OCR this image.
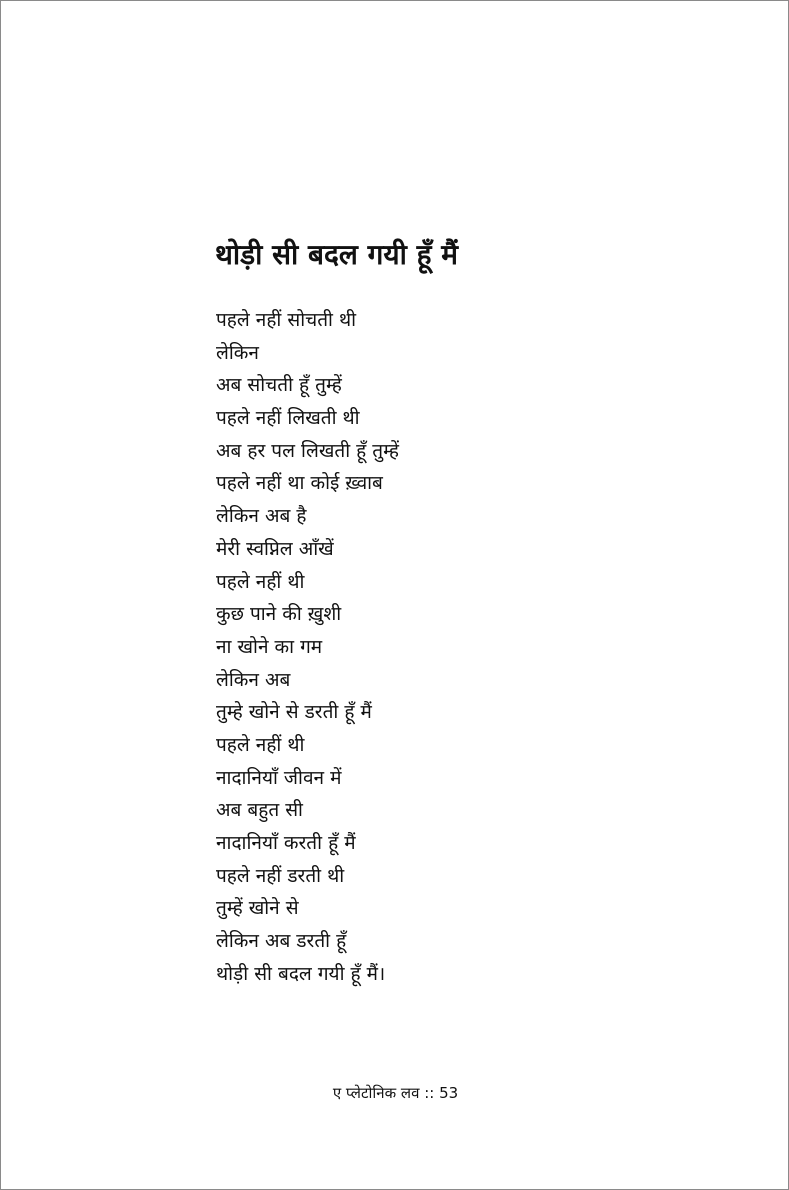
थोड़ी सी बदल गयी हूँ मैं
पहले नहीं सोचती थी
लेकिन
अब सोचती हूँ तुम्हें
पहले नहीं लिखती थी
अब हर पल लिखती हूँ तुम्हें
पहले नहीं था कोई ख़्वाब
लेकिन अब है
मेरी स्वप्निल आँखें
पहले नहीं थी
कुछ पाने की ख़ुशी
ना खोने का गम
लेकिन अब
तुम्हे खोने से डरती हूँ मैं
पहले नहीं थी
नादानियाँ जीवन में
अब बहुत सी
नादानियाँ करती हूँ मैं
पहले नहीं डरती थी
तुम्हें खोने से
लेकिन अब डरती हूँ
थोड़ी सी बदल गयी हूँ मैं।
ए प्लेटोनिक लव :: 53
